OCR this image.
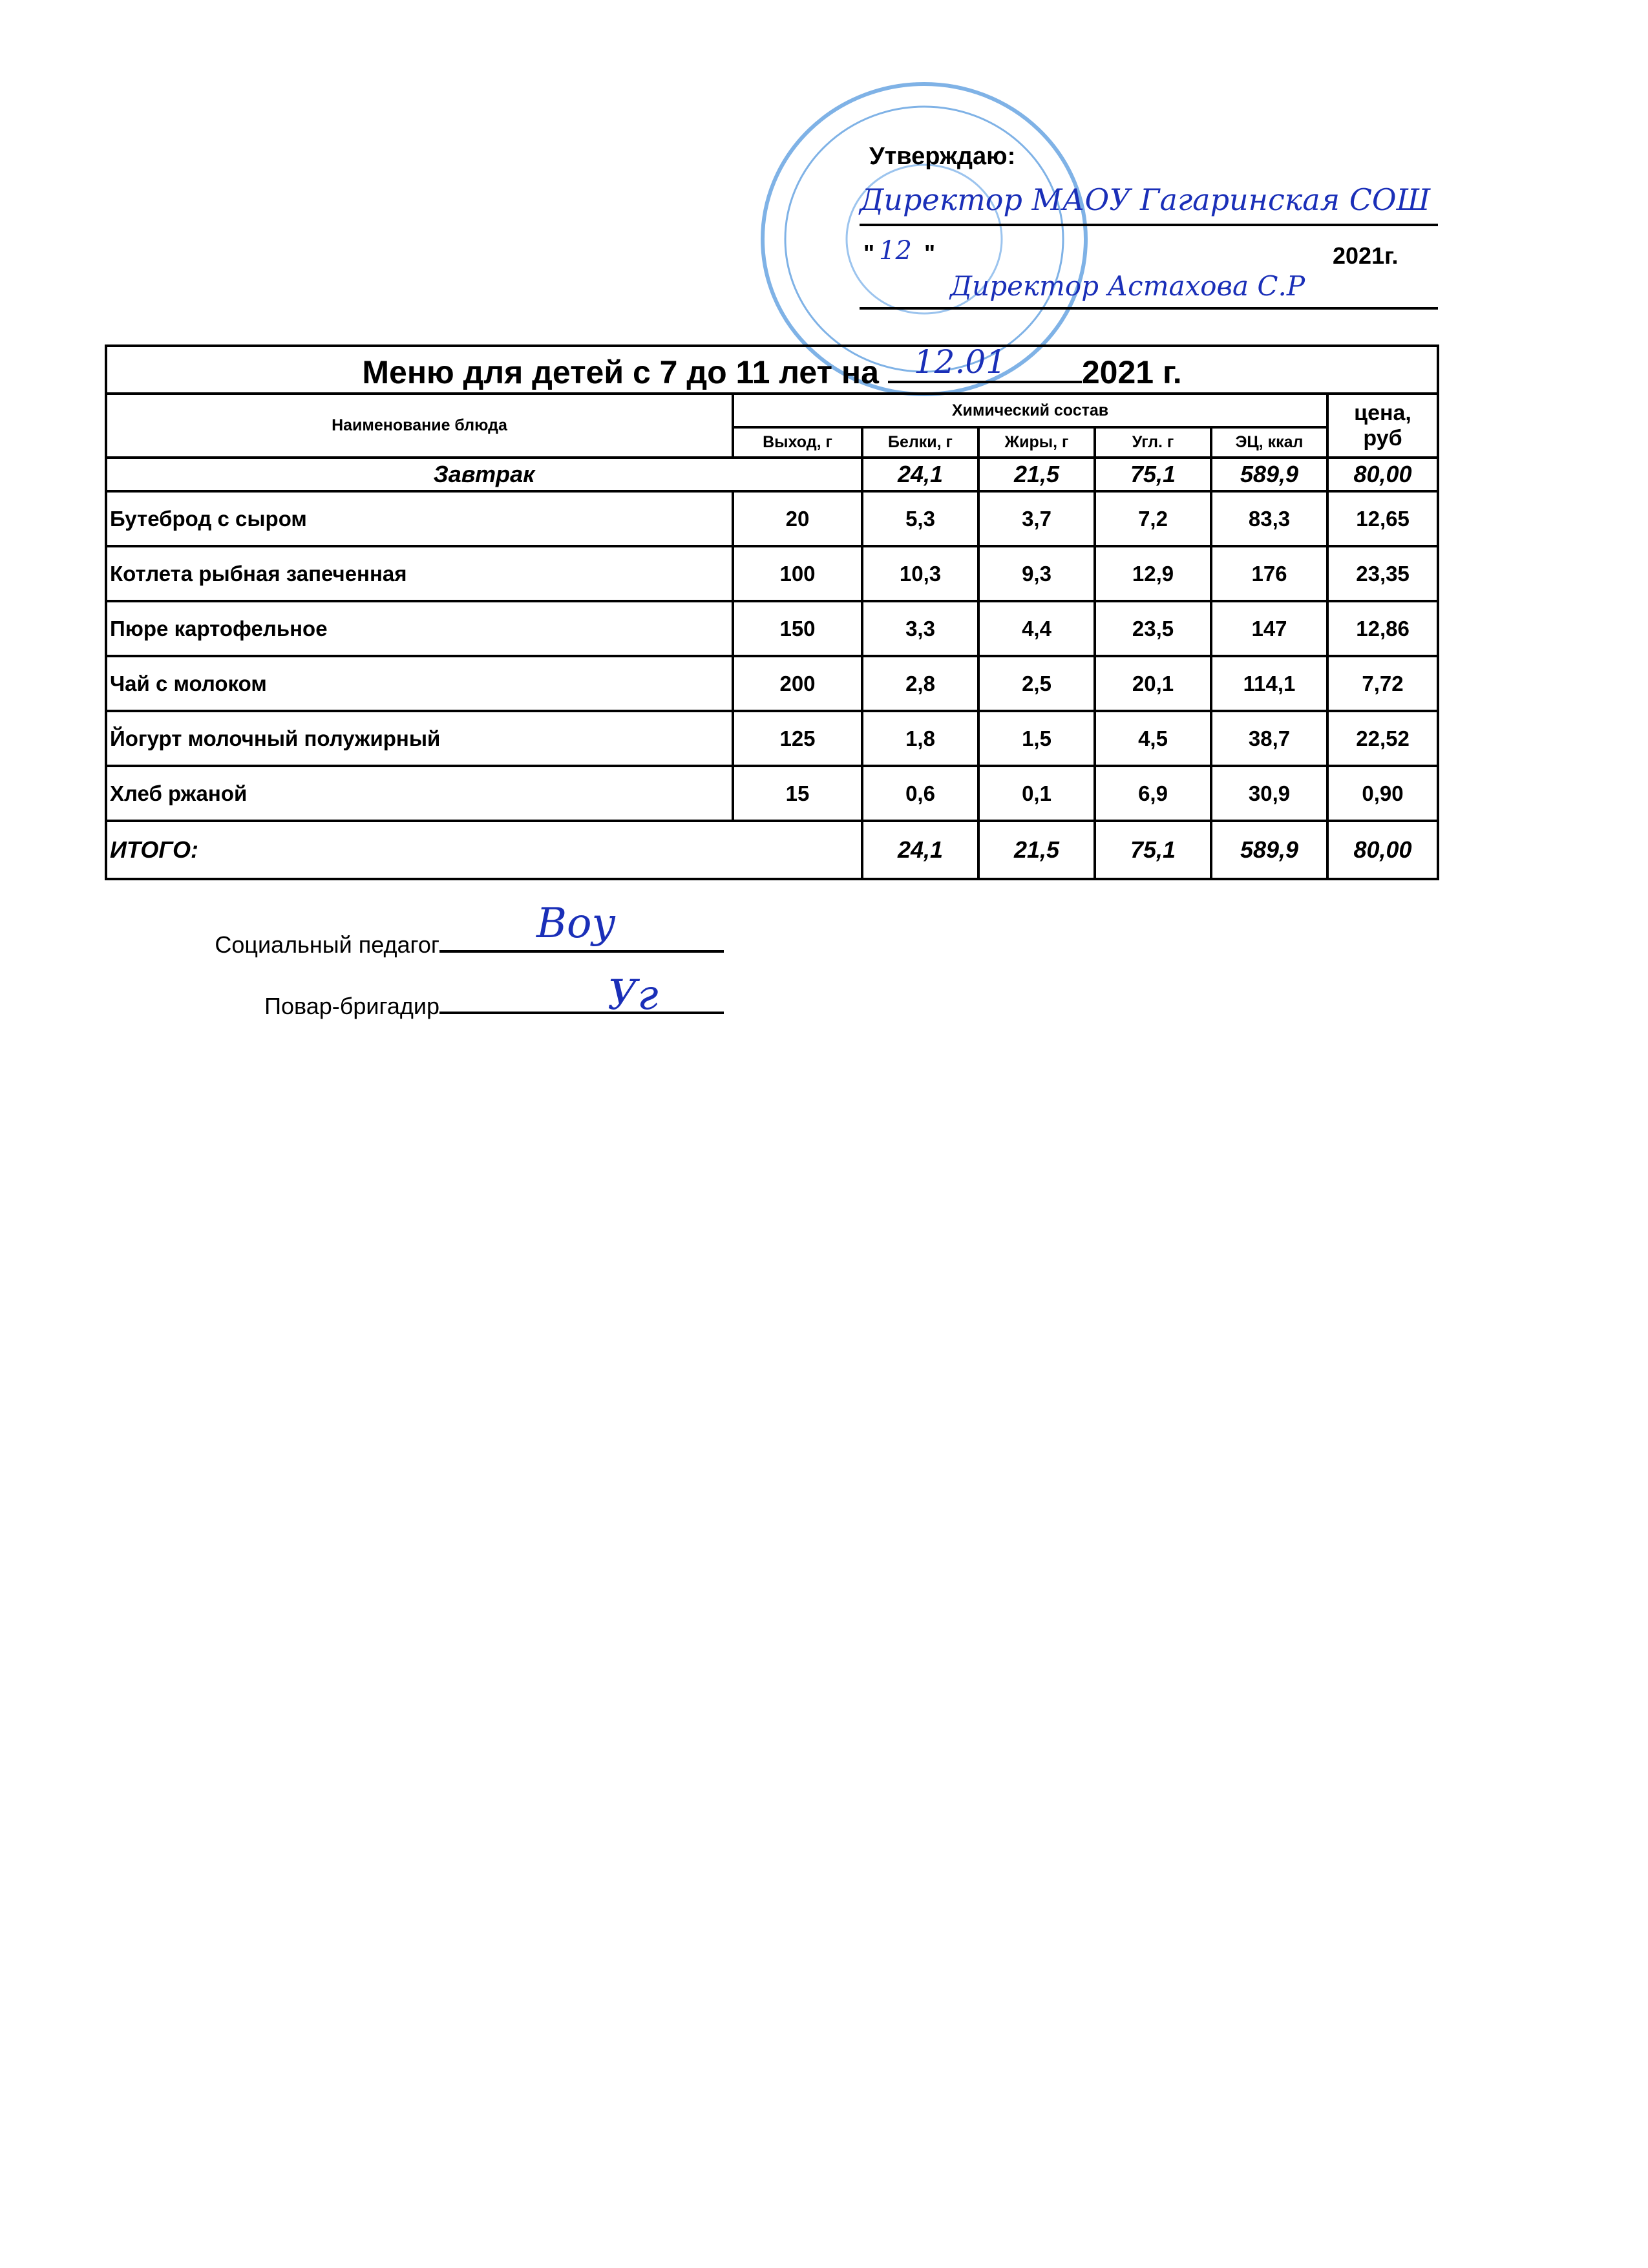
Утверждаю:
Директор МАОУ Гагаринская СОШ
" 12 "	2021г.
Директор Астахова С.Р
Меню для детей с 7 до 11 лет на 12.01 2021 г.						
Наименование блюда	Химический состав					цена, руб
	Выход, г	Белки, г	Жиры, г	Угл. г	ЭЦ, ккал	
Завтрак		24,1	21,5	75,1	589,9	80,00
Бутеброд с сыром	20	5,3	3,7	7,2	83,3	12,65
Котлета рыбная запеченная	100	10,3	9,3	12,9	176	23,35
Пюре картофельное	150	3,3	4,4	23,5	147	12,86
Чай с молоком	200	2,8	2,5	20,1	114,1	7,72
Йогурт молочный полужирный	125	1,8	1,5	4,5	38,7	22,52
Хлеб ржаной	15	0,6	0,1	6,9	30,9	0,90
ИТОГО:		24,1	21,5	75,1	589,9	80,00
Социальный педагог Воу
Повар-бригадир	Уг
